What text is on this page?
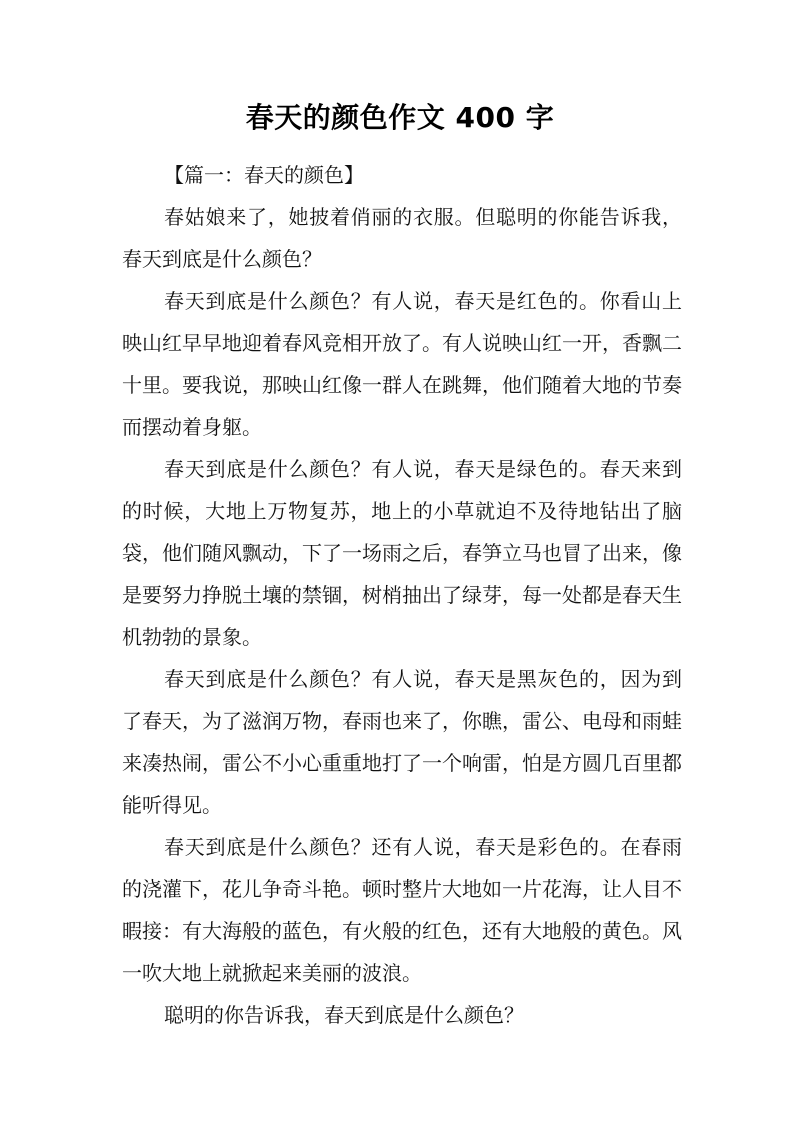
春天的颜色作文 400 字

【篇一：春天的颜色】

春姑娘来了，她披着俏丽的衣服。但聪明的你能告诉我，春天到底是什么颜色？

春天到底是什么颜色？有人说，春天是红色的。你看山上映山红早早地迎着春风竞相开放了。有人说映山红一开，香飘二十里。要我说，那映山红像一群人在跳舞，他们随着大地的节奏而摆动着身躯。

春天到底是什么颜色？有人说，春天是绿色的。春天来到的时候，大地上万物复苏，地上的小草就迫不及待地钻出了脑袋，他们随风飘动，下了一场雨之后，春笋立马也冒了出来，像是要努力挣脱土壤的禁锢，树梢抽出了绿芽，每一处都是春天生机勃勃的景象。

春天到底是什么颜色？有人说，春天是黑灰色的，因为到了春天，为了滋润万物，春雨也来了，你瞧，雷公、电母和雨蛙来凑热闹，雷公不小心重重地打了一个响雷，怕是方圆几百里都能听得见。

春天到底是什么颜色？还有人说，春天是彩色的。在春雨的浇灌下，花儿争奇斗艳。顿时整片大地如一片花海，让人目不暇接：有大海般的蓝色，有火般的红色，还有大地般的黄色。风一吹大地上就掀起来美丽的波浪。

聪明的你告诉我，春天到底是什么颜色？
